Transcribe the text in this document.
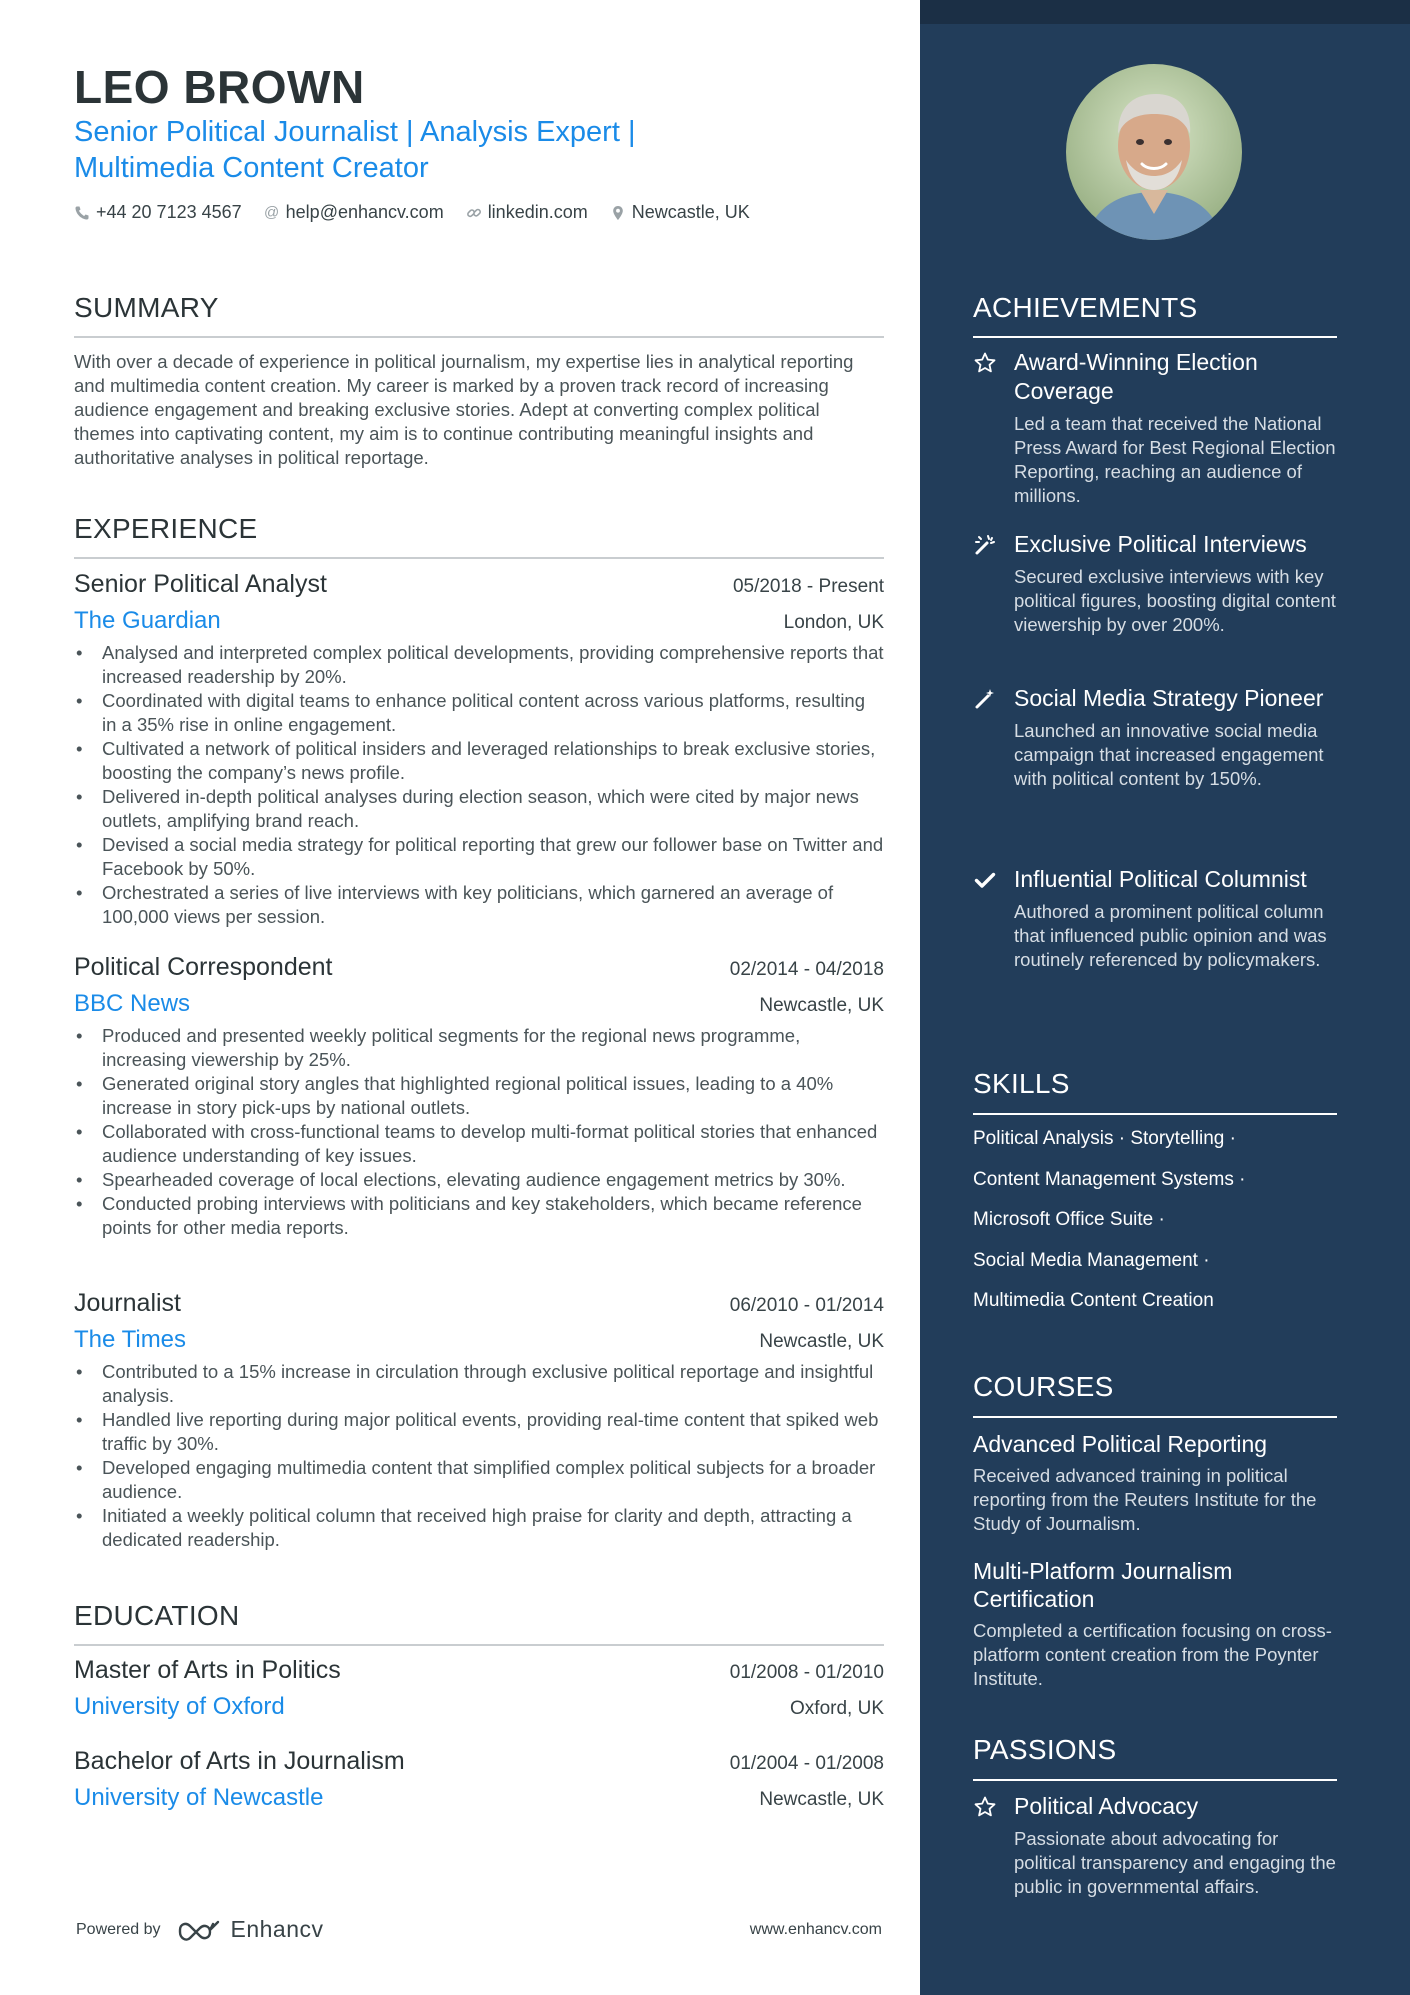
LEO BROWN
Senior Political Journalist | Analysis Expert | Multimedia Content Creator
+44 20 7123 4567 @ help@enhancv.com linkedin.com Newcastle, UK
SUMMARY
With over a decade of experience in political journalism, my expertise lies in analytical reporting and multimedia content creation. My career is marked by a proven track record of increasing audience engagement and breaking exclusive stories. Adept at converting complex political themes into captivating content, my aim is to continue contributing meaningful insights and authoritative analyses in political reportage.
EXPERIENCE
Senior Political Analyst	05/2018 - Present
The Guardian	London, UK
• Analysed and interpreted complex political developments, providing comprehensive reports that increased readership by 20%.
• Coordinated with digital teams to enhance political content across various platforms, resulting in a 35% rise in online engagement.
• Cultivated a network of political insiders and leveraged relationships to break exclusive stories, boosting the company’s news profile.
• Delivered in-depth political analyses during election season, which were cited by major news outlets, amplifying brand reach.
• Devised a social media strategy for political reporting that grew our follower base on Twitter and Facebook by 50%.
• Orchestrated a series of live interviews with key politicians, which garnered an average of 100,000 views per session.
Political Correspondent	02/2014 - 04/2018
BBC News	Newcastle, UK
• Produced and presented weekly political segments for the regional news programme, increasing viewership by 25%.
• Generated original story angles that highlighted regional political issues, leading to a 40% increase in story pick-ups by national outlets.
• Collaborated with cross-functional teams to develop multi-format political stories that enhanced audience understanding of key issues.
• Spearheaded coverage of local elections, elevating audience engagement metrics by 30%.
• Conducted probing interviews with politicians and key stakeholders, which became reference points for other media reports.
Journalist	06/2010 - 01/2014
The Times	Newcastle, UK
• Contributed to a 15% increase in circulation through exclusive political reportage and insightful analysis.
• Handled live reporting during major political events, providing real-time content that spiked web traffic by 30%.
• Developed engaging multimedia content that simplified complex political subjects for a broader audience.
• Initiated a weekly political column that received high praise for clarity and depth, attracting a dedicated readership.
EDUCATION
Master of Arts in Politics	01/2008 - 01/2010
University of Oxford	Oxford, UK
Bachelor of Arts in Journalism	01/2004 - 01/2008
University of Newcastle	Newcastle, UK
Powered by	Enhancv	www.enhancv.com
ACHIEVEMENTS
Award-Winning Election Coverage
Led a team that received the National Press Award for Best Regional Election Reporting, reaching an audience of millions.
Exclusive Political Interviews
Secured exclusive interviews with key political figures, boosting digital content viewership by over 200%.
Social Media Strategy Pioneer
Launched an innovative social media campaign that increased engagement with political content by 150%.
Influential Political Columnist
Authored a prominent political column that influenced public opinion and was routinely referenced by policymakers.
SKILLS
Political Analysis · Storytelling ·
Content Management Systems ·
Microsoft Office Suite ·
Social Media Management ·
Multimedia Content Creation
COURSES
Advanced Political Reporting
Received advanced training in political reporting from the Reuters Institute for the Study of Journalism.
Multi-Platform Journalism Certification
Completed a certification focusing on cross-platform content creation from the Poynter Institute.
PASSIONS
Political Advocacy
Passionate about advocating for political transparency and engaging the public in governmental affairs.
